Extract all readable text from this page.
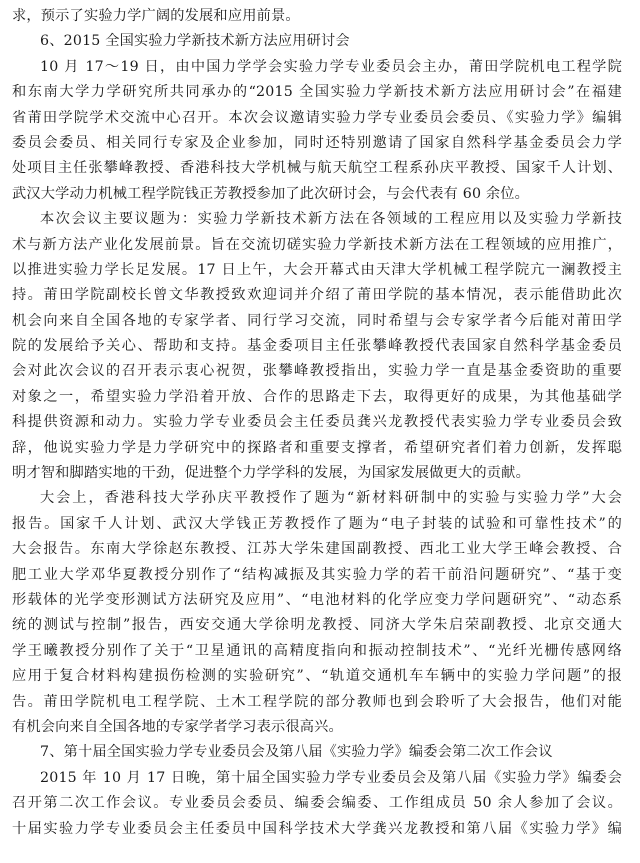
求，预示了实验力学广阔的发展和应用前景。
6、2015 全国实验力学新技术新方法应用研讨会
10 月 17～19 日，由中国力学学会实验力学专业委员会主办，莆田学院机电工程学院
和东南大学力学研究所共同承办的“2015 全国实验力学新技术新方法应用研讨会”在福建
省莆田学院学术交流中心召开。本次会议邀请实验力学专业委员会委员、《实验力学》编辑
委员会委员、相关同行专家及企业参加，同时还特别邀请了国家自然科学基金委员会力学
处项目主任张攀峰教授、香港科技大学机械与航天航空工程系孙庆平教授、国家千人计划、
武汉大学动力机械工程学院钱正芳教授参加了此次研讨会，与会代表有 60 余位。
本次会议主要议题为：实验力学新技术新方法在各领域的工程应用以及实验力学新技
术与新方法产业化发展前景。旨在交流切磋实验力学新技术新方法在工程领域的应用推广，
以推进实验力学长足发展。17 日上午，大会开幕式由天津大学机械工程学院亢一澜教授主
持。莆田学院副校长曾文华教授致欢迎词并介绍了莆田学院的基本情况，表示能借助此次
机会向来自全国各地的专家学者、同行学习交流，同时希望与会专家学者今后能对莆田学
院的发展给予关心、帮助和支持。基金委项目主任张攀峰教授代表国家自然科学基金委员
会对此次会议的召开表示衷心祝贺，张攀峰教授指出，实验力学一直是基金委资助的重要
对象之一，希望实验力学沿着开放、合作的思路走下去，取得更好的成果，为其他基础学
科提供资源和动力。实验力学专业委员会主任委员龚兴龙教授代表实验力学专业委员会致
辞，他说实验力学是力学研究中的探路者和重要支撑者，希望研究者们着力创新，发挥聪
明才智和脚踏实地的干劲，促进整个力学学科的发展，为国家发展做更大的贡献。
大会上，香港科技大学孙庆平教授作了题为“新材料研制中的实验与实验力学”大会
报告。国家千人计划、武汉大学钱正芳教授作了题为“电子封装的试验和可靠性技术”的
大会报告。东南大学徐赵东教授、江苏大学朱建国副教授、西北工业大学王峰会教授、合
肥工业大学邓华夏教授分别作了“结构减振及其实验力学的若干前沿问题研究”、“基于变
形载体的光学变形测试方法研究及应用”、“电池材料的化学应变力学问题研究”、“动态系
统的测试与控制”报告，西安交通大学徐明龙教授、同济大学朱启荣副教授、北京交通大
学王曦教授分别作了关于“卫星通讯的高精度指向和振动控制技术”、“光纤光栅传感网络
应用于复合材料构建损伤检测的实验研究”、“轨道交通机车车辆中的实验力学问题”的报
告。莆田学院机电工程学院、土木工程学院的部分教师也到会聆听了大会报告，他们对能
有机会向来自全国各地的专家学者学习表示很高兴。
7、第十届全国实验力学专业委员会及第八届《实验力学》编委会第二次工作会议
2015 年 10 月 17 日晚，第十届全国实验力学专业委员会及第八届《实验力学》编委会
召开第二次工作会议。专业委员会委员、编委会编委、工作组成员 50 余人参加了会议。
十届实验力学专业委员会主任委员中国科学技术大学龚兴龙教授和第八届《实验力学》编
